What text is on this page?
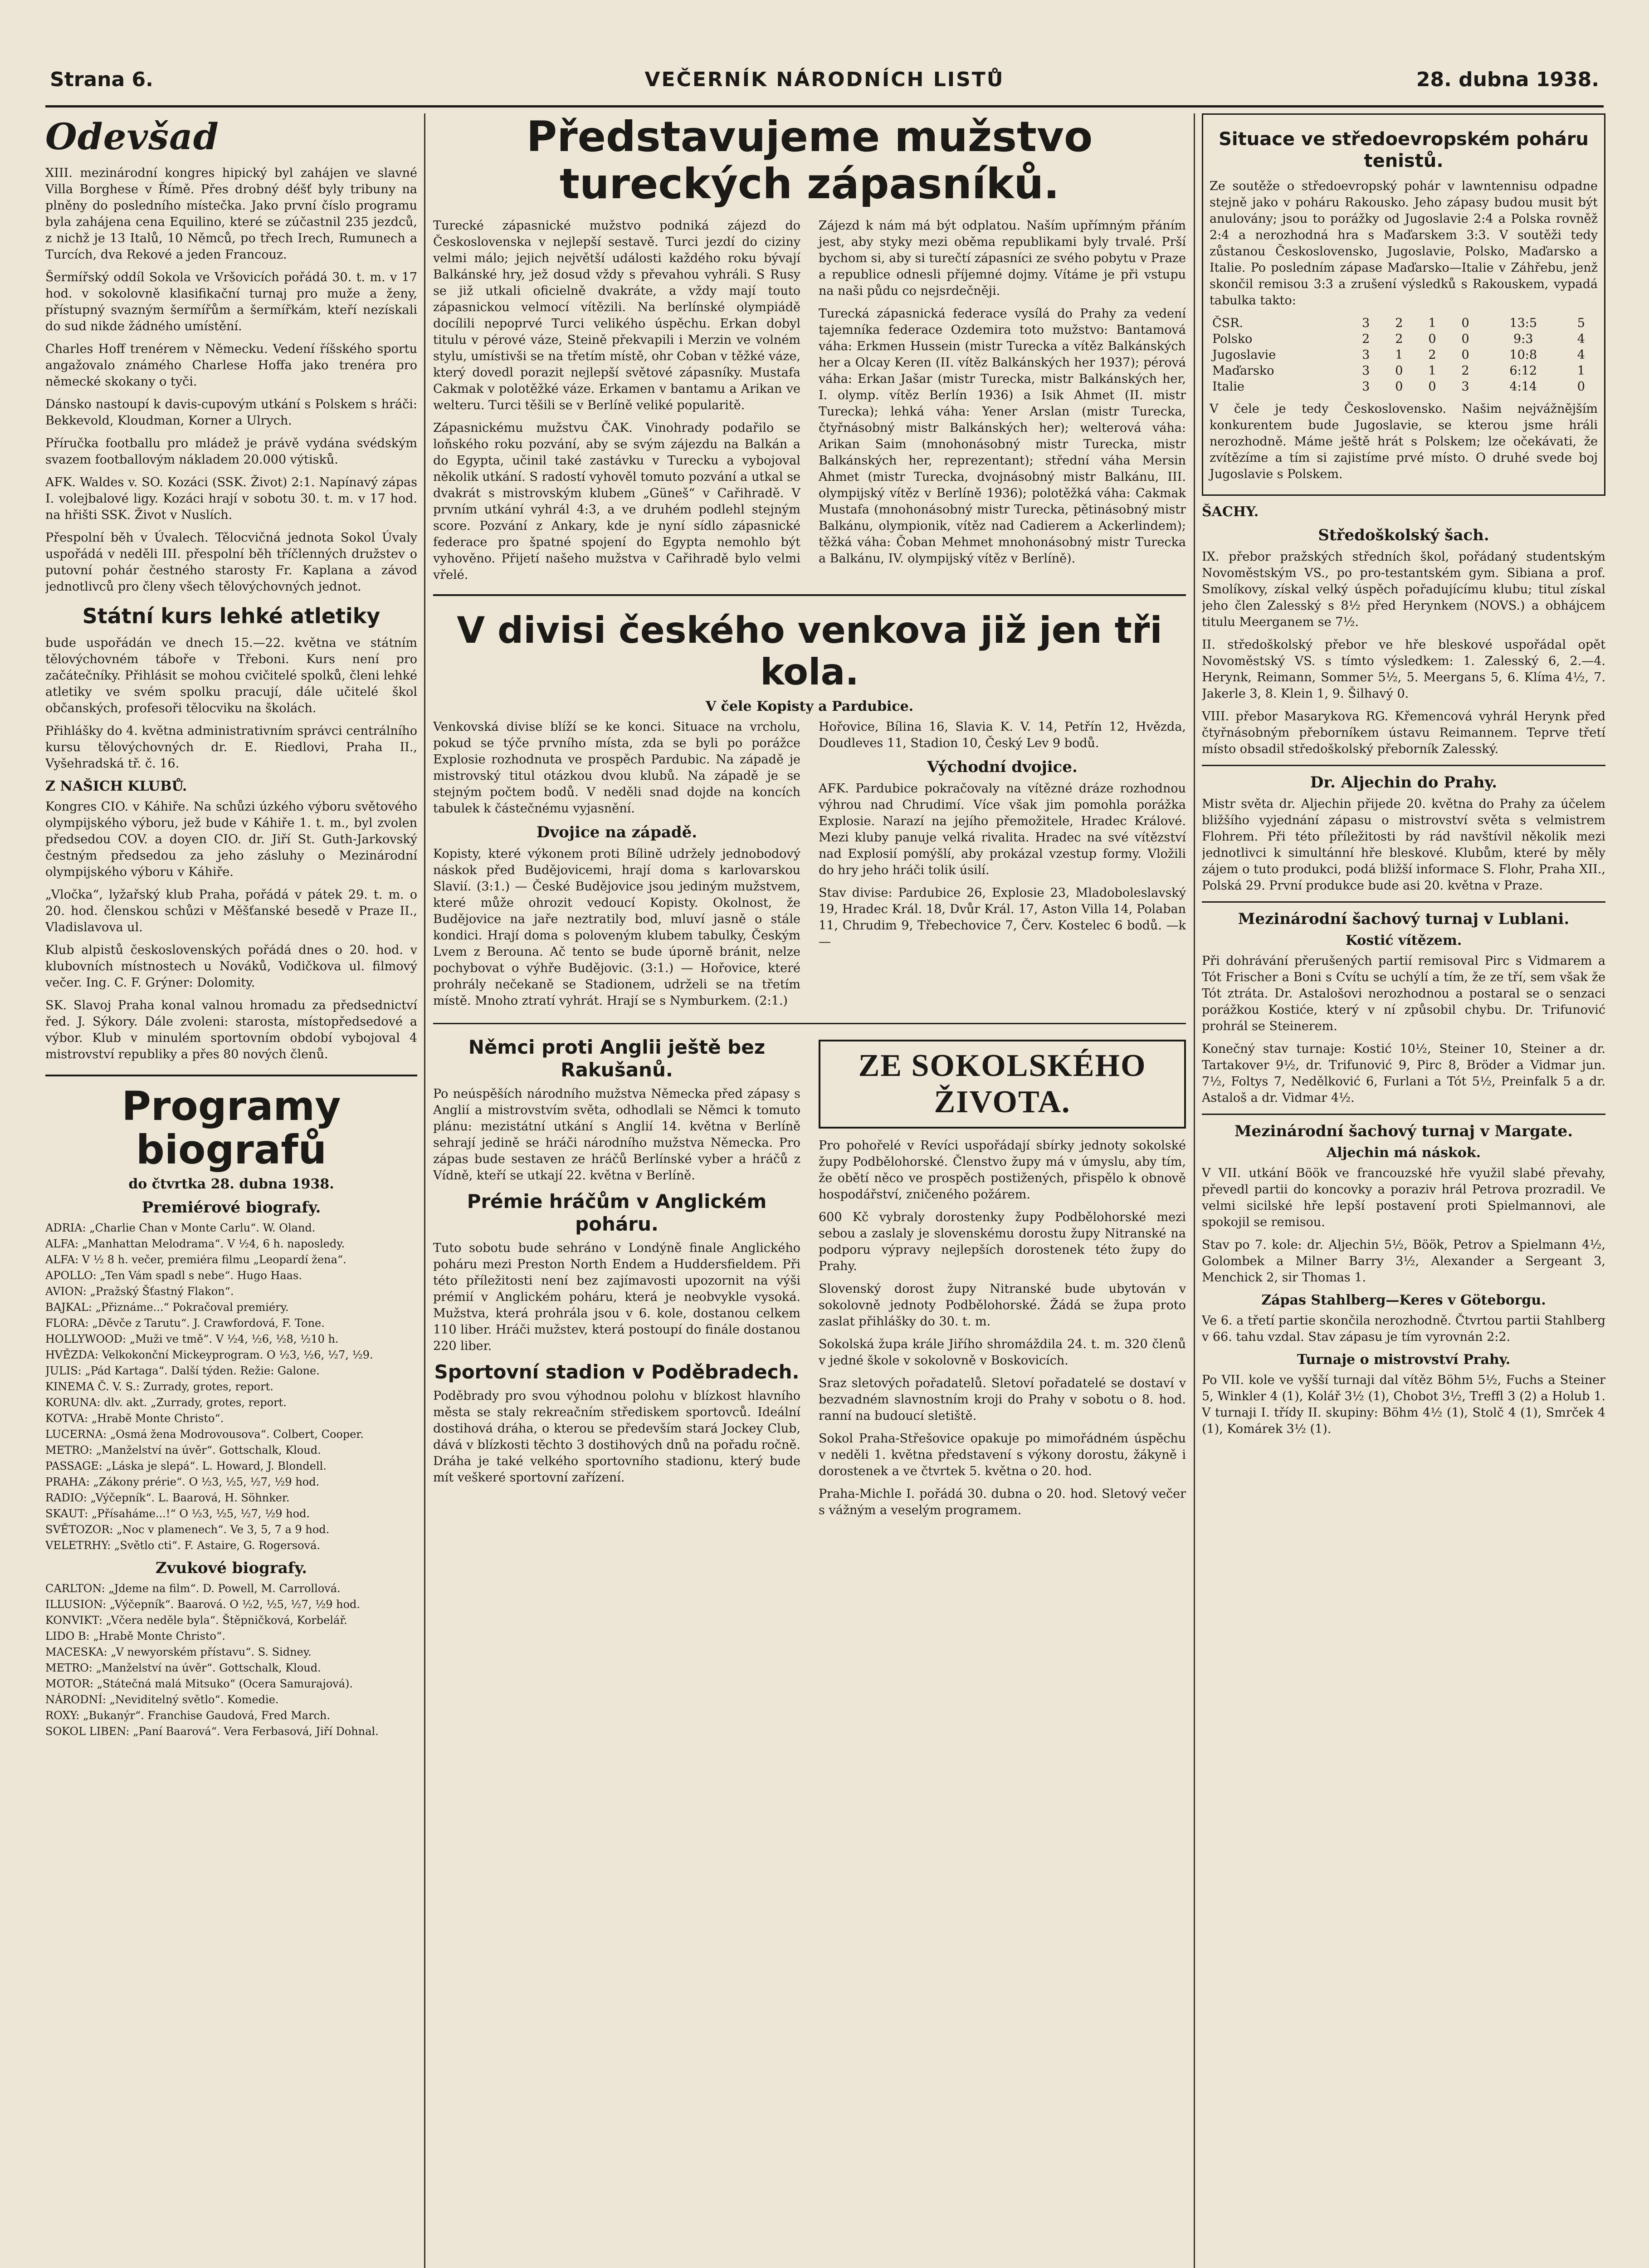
Strana 6.	VEČERNÍK NÁRODNÍCH LISTŮ	28. dubna 1938.
Odevšad

XIII. mezinárodní kongres hipický byl zahájen ve slavné Villa Borghese v Římě. Přes drobný déšť byly tribuny na plněny do posledního místečka. Jako první číslo programu byla zahájena cena Equilino, které se zúčastnil 235 jezdců, z nichž je 13 Italů, 10 Němců, po třech Irech, Rumunech a Turcích, dva Rekové a jeden Francouz.

Šermířský oddíl Sokola ve Vršovicích pořádá 30. t. m. v 17 hod. v sokolovně klasifikační turnaj pro muže a ženy, přístupný svazným šermířům a šermířkám, kteří nezískali do sud nikde žádného umístění.

Charles Hoff trenérem v Německu. Vedení říšského sportu angažovalo známého Charlese Hoffa jako trenéra pro německé skokany o tyči.

Dánsko nastoupí k davis-cupovým utkání s Polskem s hráči: Bekkevold, Kloudman, Korner a Ulrych.

Příručka footballu pro mládež je právě vydána svédským svazem footballovým nákladem 20.000 výtisků.

AFK. Waldes v. SO. Kozáci (SSK. Život) 2:1. Napínavý zápas I. volejbalové ligy. Kozáci hrají v sobotu 30. t. m. v 17 hod. na hřišti SSK. Život v Nuslích.

Přespolní běh v Úvalech. Tělocvičná jednota Sokol Úvaly uspořádá v neděli III. přespolní běh tříčlenných družstev o putovní pohár čestného starosty Fr. Kaplana a závod jednotlivců pro členy všech tělovýchovných jednot.

Státní kurs lehké atletiky

bude uspořádán ve dnech 15.—22. května ve státním tělovýchovném táboře v Třeboni. Kurs není pro začátečníky. Přihlásit se mohou cvičitelé spolků, členi lehké atletiky ve svém spolku pracují, dále učitelé škol občanských, profesoři tělocviku na školách.

Přihlášky do 4. května administrativním správci centrálního kursu tělovýchovných dr. E. Riedlovi, Praha II., Vyšehradská tř. č. 16.

Z NAŠICH KLUBŮ.

Kongres CIO. v Káhiře. Na schůzi úzkého výboru světového olympijského výboru, jež bude v Káhiře 1. t. m., byl zvolen předsedou COV. a doyen CIO. dr. Jiří St. Guth-Jarkovský čestným předsedou za jeho zásluhy o Mezinárodní olympijského výboru v Káhiře.

„Vločka“, lyžařský klub Praha, pořádá v pátek 29. t. m. o 20. hod. členskou schůzi v Měšťanské besedě v Praze II., Vladislavova ul.

Klub alpistů československých pořádá dnes o 20. hod. v klubovních místnostech u Nováků, Vodičkova ul. filmový večer. Ing. C. F. Grýner: Dolomity.

SK. Slavoj Praha konal valnou hromadu za předsednictví řed. J. Sýkory. Dále zvoleni: starosta, místopředsedové a výbor. Klub v minulém sportovním období vybojoval 4 mistrovství republiky a přes 80 nových členů.

Programy biografů
do čtvrtka 28. dubna 1938.
Premiérové biografy.

ADRIA: „Charlie Chan v Monte Carlu“. W. Oland.

ALFA: „Manhattan Melodrama“. V ½4, 6 h. naposledy.

ALFA: V ½ 8 h. večer, premiéra filmu „Leopardí žena“.

APOLLO: „Ten Vám spadl s nebe“. Hugo Haas.

AVION: „Pražský Šťastný Flakon“.

BAJKAL: „Přiznáme...“ Pokračoval premiéry.

FLORA: „Děvče z Tarutu“. J. Crawfordová, F. Tone.

HOLLYWOOD: „Muži ve tmě“. V ½4, ½6, ½8, ½10 h.

HVĚZDA: Velkokonční Mickeyprogram. O ½3, ½6, ½7, ½9.

JULIS: „Pád Kartaga“. Další týden. Režie: Galone.

KINEMA Č. V. S.: Zurrady, grotes, report.

KORUNA: dlv. akt. „Zurrady, grotes, report.

KOTVA: „Hrabě Monte Christo“.

LUCERNA: „Osmá žena Modrovousova“. Colbert, Cooper.

METRO: „Manželství na úvěr“. Gottschalk, Kloud.

PASSAGE: „Láska je slepá“. L. Howard, J. Blondell.

PRAHA: „Zákony prérie“. O ½3, ½5, ½7, ½9 hod.

RADIO: „Výčepník“. L. Baarová, H. Söhnker.

SKAUT: „Přísaháme...!“ O ½3, ½5, ½7, ½9 hod.

SVĚTOZOR: „Noc v plamenech“. Ve 3, 5, 7 a 9 hod.

VELETRHY: „Světlo cti“. F. Astaire, G. Rogersová.

Zvukové biografy.

CARLTON: „Jdeme na film“. D. Powell, M. Carrollová.

ILLUSION: „Výčepník“. Baarová. O ½2, ½5, ½7, ½9 hod.

KONVIKT: „Včera neděle byla“. Štěpničková, Korbelář.

LIDO B: „Hrabě Monte Christo“.

MACESKA: „V newyorském přístavu“. S. Sidney.

METRO: „Manželství na úvěr“. Gottschalk, Kloud.

MOTOR: „Státečná malá Mitsuko“ (Ocera Samurajová).

NÁRODNÍ: „Neviditelný světlo“. Komedie.

ROXY: „Bukanýr“. Franchise Gaudová, Fred March.

SOKOL LIBEN: „Paní Baarová“. Vera Ferbasová, Jiří Dohnal.

Představujeme mužstvo tureckých zápasníků.

Turecké zápasnické mužstvo podniká zájezd do Československa v nejlepší sestavě. Turci jezdí do ciziny velmi málo; jejich největší události každého roku bývají Balkánské hry, jež dosud vždy s převahou vyhráli. S Rusy se již utkali oficielně dvakráte, a vždy mají touto zápasnickou velmocí vítězili. Na berlínské olympiádě docílili nepoprvé Turci velikého úspěchu. Erkan dobyl titulu v pérové váze, Steině překvapili i Merzin ve volném stylu, umístivši se na třetím místě, ohr Coban v těžké váze, který dovedl porazit nejlepší světové zápasníky. Mustafa Cakmak v polotěžké váze. Erkamen v bantamu a Arikan ve welteru. Turci těšili se v Berlíně veliké popularitě.

Zápasnickému mužstvu ČAK. Vinohrady podařilo se loňského roku pozvání, aby se svým zájezdu na Balkán a do Egypta, učinil také zastávku v Turecku a vybojoval několik utkání. S radostí vyhověl tomuto pozvání a utkal se dvakrát s mistrovským klubem „Güneš“ v Cařihradě. V prvním utkání vyhrál 4:3, a ve druhém podlehl stejným score. Pozvání z Ankary, kde je nyní sídlo zápasnické federace pro špatné spojení do Egypta nemohlo být vyhověno. Přijetí našeho mužstva v Cařihradě bylo velmi vřelé.

Zájezd k nám má být odplatou. Naším upřímným přáním jest, aby styky mezi oběma republikami byly trvalé. Prší bychom si, aby si turečtí zápasníci ze svého pobytu v Praze a republice odnesli příjemné dojmy. Vítáme je při vstupu na naši půdu co nejsrdečněji.

Turecká zápasnická federace vysílá do Prahy za vedení tajemníka federace Ozdemira toto mužstvo: Bantamová váha: Erkmen Hussein (mistr Turecka a vítěz Balkánských her a Olcay Keren (II. vítěz Balkánských her 1937); pérová váha: Erkan Jašar (mistr Turecka, mistr Balkánských her, I. olymp. vítěz Berlín 1936) a Isik Ahmet (II. mistr Turecka); lehká váha: Yener Arslan (mistr Turecka, čtyřnásobný mistr Balkánských her); welterová váha: Arikan Saim (mnohonásobný mistr Turecka, mistr Balkánských her, reprezentant); střední váha Mersin Ahmet (mistr Turecka, dvojnásobný mistr Balkánu, III. olympijský vítěz v Berlíně 1936); polotěžká váha: Cakmak Mustafa (mnohonásobný mistr Turecka, pětinásobný mistr Balkánu, olympionik, vítěz nad Cadierem a Ackerlindem); těžká váha: Čoban Mehmet mnohonásobný mistr Turecka a Balkánu, IV. olympijský vítěz v Berlíně).

V divisi českého venkova již jen tři kola.
V čele Kopisty a Pardubice.

Venkovská divise blíží se ke konci. Situace na vrcholu, pokud se týče prvního místa, zda se byli po porážce Explosie rozhodnuta ve prospěch Pardubic. Na západě je mistrovský titul otázkou dvou klubů. Na západě je se stejným počtem bodů. V neděli snad dojde na koncích tabulek k částečnému vyjasnění.

Dvojice na západě.

Kopisty, které výkonem proti Bílině udržely jednobodový náskok před Budějovicemi, hrají doma s karlovarskou Slavií. (3:1.) — České Budějovice jsou jediným mužstvem, které může ohrozit vedoucí Kopisty. Okolnost, že Budějovice na jaře neztratily bod, mluví jasně o stále kondici. Hrají doma s poloveným klubem tabulky, Českým Lvem z Berouna. Ač tento se bude úporně bránit, nelze pochybovat o výhře Budějovic. (3:1.) — Hořovice, které prohrály nečekaně se Stadionem, udrželi se na třetím místě. Mnoho ztratí vyhrát. Hrají se s Nymburkem. (2:1.)

Hořovice, Bílina 16, Slavia K. V. 14, Petřín 12, Hvězda, Doudleves 11, Stadion 10, Český Lev 9 bodů.

Východní dvojice.

AFK. Pardubice pokračovaly na vítězné dráze rozhodnou výhrou nad Chrudimí. Více však jim pomohla porážka Explosie. Narazí na jejího přemožitele, Hradec Králové. Mezi kluby panuje velká rivalita. Hradec na své vítězství nad Explosií pomýšlí, aby prokázal vzestup formy. Vložili do hry jeho hráči tolik úsilí.

Stav divise: Pardubice 26, Explosie 23, Mladoboleslavský 19, Hradec Král. 18, Dvůr Král. 17, Aston Villa 14, Polaban 11, Chrudim 9, Třebechovice 7, Červ. Kostelec 6 bodů. —k—

Němci proti Anglii ještě bez Rakušanů.

Po neúspěších národního mužstva Německa před zápasy s Anglií a mistrovstvím světa, odhodlali se Němci k tomuto plánu: mezistátní utkání s Anglií 14. května v Berlíně sehrají jedině se hráči národního mužstva Německa. Pro zápas bude sestaven ze hráčů Berlínské vyber a hráčů z Vídně, kteří se utkají 22. května v Berlíně.

Prémie hráčům v Anglickém poháru.

Tuto sobotu bude sehráno v Londýně finale Anglického poháru mezi Preston North Endem a Huddersfieldem. Při této příležitosti není bez zajímavosti upozornit na výši prémií v Anglickém poháru, která je neobvykle vysoká. Mužstva, která prohrála jsou v 6. kole, dostanou celkem 110 liber. Hráči mužstev, která postoupí do finále dostanou 220 liber.

Sportovní stadion v Poděbradech.

Poděbrady pro svou výhodnou polohu v blízkost hlavního města se staly rekreačním střediskem sportovců. Ideální dostihová dráha, o kterou se především stará Jockey Club, dává v blízkosti těchto 3 dostihových dnů na pořadu ročně. Dráha je také velkého sportovního stadionu, který bude mít veškeré sportovní zařízení.

ZE SOKOLSKÉHO ŽIVOTA.

Pro pohořelé v Revíci uspořádají sbírky jednoty sokolské župy Podbělohorské. Členstvo župy má v úmyslu, aby tím, že obětí něco ve prospěch postižených, přispělo k obnově hospodářství, zničeného požárem.

600 Kč vybraly dorostenky župy Podbělohorské mezi sebou a zaslaly je slovenskému dorostu župy Nitranské na podporu výpravy nejlepších dorostenek této župy do Prahy.

Slovenský dorost župy Nitranské bude ubytován v sokolovně jednoty Podbělohorské. Žádá se župa proto zaslat přihlášky do 30. t. m.

Sokolská župa krále Jiřího shromáždila 24. t. m. 320 členů v jedné škole v sokolovně v Boskovicích.

Sraz sletových pořadatelů. Sletoví pořadatelé se dostaví v bezvadném slavnostním kroji do Prahy v sobotu o 8. hod. ranní na budoucí sletiště.

Sokol Praha-Střešovice opakuje po mimořádném úspěchu v neděli 1. května představení s výkony dorostu, žákyně i dorostenek a ve čtvrtek 5. května o 20. hod.

Praha-Michle I. pořádá 30. dubna o 20. hod. Sletový večer s vážným a veselým programem.

Situace ve středoevropském poháru tenistů.

Ze soutěže o středoevropský pohár v lawntennisu odpadne stejně jako v poháru Rakousko. Jeho zápasy budou musit být anulovány; jsou to porážky od Jugoslavie 2:4 a Polska rovněž 2:4 a nerozhodná hra s Maďarskem 3:3. V soutěži tedy zůstanou Československo, Jugoslavie, Polsko, Maďarsko a Italie. Po posledním zápase Maďarsko—Italie v Záhřebu, jenž skončil remisou 3:3 a zrušení výsledků s Rakouskem, vypadá tabulka takto:

ČSR.	3	2	1	0	13:5	5
Polsko	2	2	0	0	9:3	4
Jugoslavie	3	1	2	0	10:8	4
Maďarsko	3	0	1	2	6:12	1
Italie	3	0	0	3	4:14	0

V čele je tedy Československo. Našim nejvážnějším konkurentem bude Jugoslavie, se kterou jsme hráli nerozhodně. Máme ještě hrát s Polskem; lze očekávati, že zvítězíme a tím si zajistíme prvé místo. O druhé svede boj Jugoslavie s Polskem.

ŠACHY.
Středoškolský šach.

IX. přebor pražských středních škol, pořádaný studentským Novoměstským VS., po pro-testantském gym. Sibiana a prof. Smolíkovy, získal velký úspěch pořadujícímu klubu; titul získal jeho člen Zalesský s 8½ před Herynkem (NOVS.) a obhájcem titulu Meerganem se 7½.

II. středoškolský přebor ve hře bleskové uspořádal opět Novoměstský VS. s tímto výsledkem: 1. Zalesský 6, 2.—4. Herynk, Reimann, Sommer 5½, 5. Meergans 5, 6. Klíma 4½, 7. Jakerle 3, 8. Klein 1, 9. Šilhavý 0.

VIII. přebor Masarykova RG. Křemencová vyhrál Herynk před čtyřnásobným přeborníkem ústavu Reimannem. Teprve třetí místo obsadil středoškolský přeborník Zalesský.

Dr. Aljechin do Prahy.

Mistr světa dr. Aljechin přijede 20. května do Prahy za účelem bližšího vyjednání zápasu o mistrovství světa s velmistrem Flohrem. Při této příležitosti by rád navštívil několik mezi jednotlivci k simultánní hře bleskové. Klubům, které by měly zájem o tuto produkci, podá bližší informace S. Flohr, Praha XII., Polská 29. První produkce bude asi 20. května v Praze.

Mezinárodní šachový turnaj v Lublani.
Kostić vítězem.

Při dohrávání přerušených partií remisoval Pirc s Vidmarem a Tót Frischer a Boni s Cvítu se uchýlí a tím, že ze tří, sem však že Tót ztráta. Dr. Astalošovi nerozhodnou a postaral se o senzaci porážkou Kostiće, který v ní způsobil chybu. Dr. Trifunović prohrál se Steinerem.

Konečný stav turnaje: Kostić 10½, Steiner 10, Steiner a dr. Tartakover 9½, dr. Trifunović 9, Pirc 8, Bröder a Vidmar jun. 7½, Foltys 7, Nedělković 6, Furlani a Tót 5½, Preinfalk 5 a dr. Astaloš a dr. Vidmar 4½.

Mezinárodní šachový turnaj v Margate.
Aljechin má náskok.

V VII. utkání Böök ve francouzské hře využil slabé převahy, převedl partii do koncovky a poraziv hrál Petrova prozradil. Ve velmi sicilské hře lepší postavení proti Spielmannovi, ale spokojil se remisou.

Stav po 7. kole: dr. Aljechin 5½, Böök, Petrov a Spielmann 4½, Golombek a Milner Barry 3½, Alexander a Sergeant 3, Menchick 2, sir Thomas 1.

Zápas Stahlberg—Keres v Göteborgu.

Ve 6. a třetí partie skončila nerozhodně. Čtvrtou partii Stahlberg v 66. tahu vzdal. Stav zápasu je tím vyrovnán 2:2.

Turnaje o mistrovství Prahy.

Po VII. kole ve vyšší turnaji dal vítěz Böhm 5½, Fuchs a Steiner 5, Winkler 4 (1), Kolář 3½ (1), Chobot 3½, Treffl 3 (2) a Holub 1. V turnaji I. třídy II. skupiny: Böhm 4½ (1), Stolč 4 (1), Smrček 4 (1), Komárek 3½ (1).
